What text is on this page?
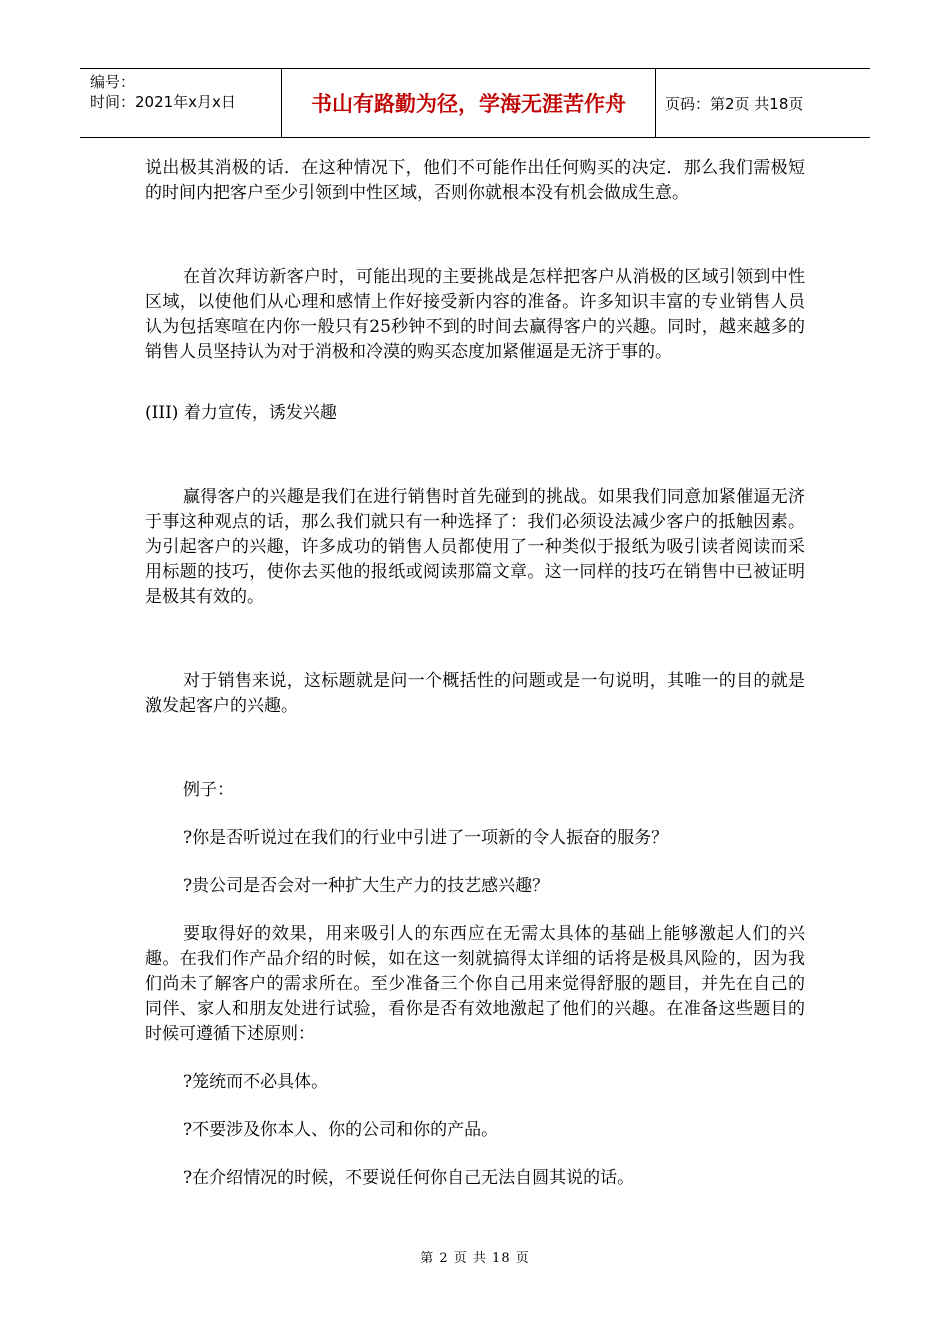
编号：
时间：2021年x月x日	书山有路勤为径，学海无涯苦作舟	页码：第2页 共18页

说出极其消极的话．在这种情况下，他们不可能作出任何购买的决定．那么我们需极短的时间内把客户至少引领到中性区域，否则你就根本没有机会做成生意。

在首次拜访新客户时，可能出现的主要挑战是怎样把客户从消极的区域引领到中性区域，以使他们从心理和感情上作好接受新内容的准备。许多知识丰富的专业销售人员认为包括寒喧在内你一般只有25秒钟不到的时间去赢得客户的兴趣。同时，越来越多的销售人员坚持认为对于消极和冷漠的购买态度加紧催逼是无济于事的。

(III) 着力宣传，诱发兴趣

赢得客户的兴趣是我们在进行销售时首先碰到的挑战。如果我们同意加紧催逼无济于事这种观点的话，那么我们就只有一种选择了：我们必须设法减少客户的抵触因素。为引起客户的兴趣，许多成功的销售人员都使用了一种类似于报纸为吸引读者阅读而采用标题的技巧，使你去买他的报纸或阅读那篇文章。这一同样的技巧在销售中已被证明是极其有效的。

对于销售来说，这标题就是问一个概括性的问题或是一句说明，其唯一的目的就是激发起客户的兴趣。

例子：

?你是否听说过在我们的行业中引进了一项新的令人振奋的服务？

?贵公司是否会对一种扩大生产力的技艺感兴趣？

要取得好的效果，用来吸引人的东西应在无需太具体的基础上能够激起人们的兴趣。在我们作产品介绍的时候，如在这一刻就搞得太详细的话将是极具风险的，因为我们尚未了解客户的需求所在。至少准备三个你自己用来觉得舒服的题目，并先在自己的同伴、家人和朋友处进行试验，看你是否有效地激起了他们的兴趣。在准备这些题目的时候可遵循下述原则：

?笼统而不必具体。

?不要涉及你本人、你的公司和你的产品。

?在介绍情况的时候，不要说任何你自己无法自圆其说的话。

第 2 页 共 18 页
